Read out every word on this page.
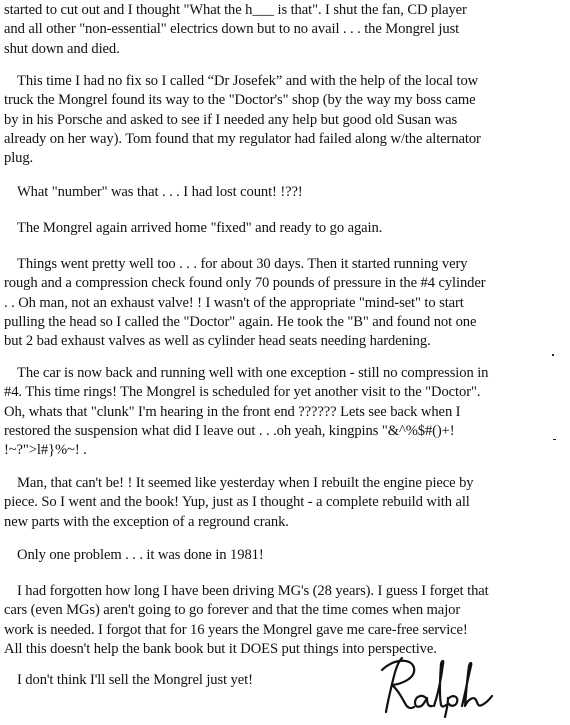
started to cut out and I thought "What the h___ is that". I shut the fan, CD player
and all other "non-essential" electrics down but to no avail . . . the Mongrel just
shut down and died.

This time I had no fix so I called “Dr Josefek” and with the help of the local tow
truck the Mongrel found its way to the "Doctor's" shop (by the way my boss came
by in his Porsche and asked to see if I needed any help but good old Susan was
already on her way). Tom found that my regulator had failed along w/the alternator
plug.

What "number" was that . . . I had lost count! !??!

The Mongrel again arrived home "fixed" and ready to go again.

Things went pretty well too . . . for about 30 days. Then it started running very
rough and a compression check found only 70 pounds of pressure in the #4 cylinder
. . Oh man, not an exhaust valve! ! I wasn't of the appropriate "mind-set" to start
pulling the head so I called the "Doctor" again. He took the "B" and found not one
but 2 bad exhaust valves as well as cylinder head seats needing hardening.

The car is now back and running well with one exception - still no compression in
#4. This time rings! The Mongrel is scheduled for yet another visit to the "Doctor".
Oh, whats that "clunk" I'm hearing in the front end ?????? Lets see back when I
restored the suspension what did I leave out . . .oh yeah, kingpins "&^%$#()+!
!~?">l#}%~! .

Man, that can't be! ! It seemed like yesterday when I rebuilt the engine piece by
piece. So I went and the book! Yup, just as I thought - a complete rebuild with all
new parts with the exception of a reground crank.

Only one problem . . . it was done in 1981!

I had forgotten how long I have been driving MG's (28 years). I guess I forget that
cars (even MGs) aren't going to go forever and that the time comes when major
work is needed. I forgot that for 16 years the Mongrel gave me care-free service!
All this doesn't help the bank book but it DOES put things into perspective.

I don't think I'll sell the Mongrel just yet!
